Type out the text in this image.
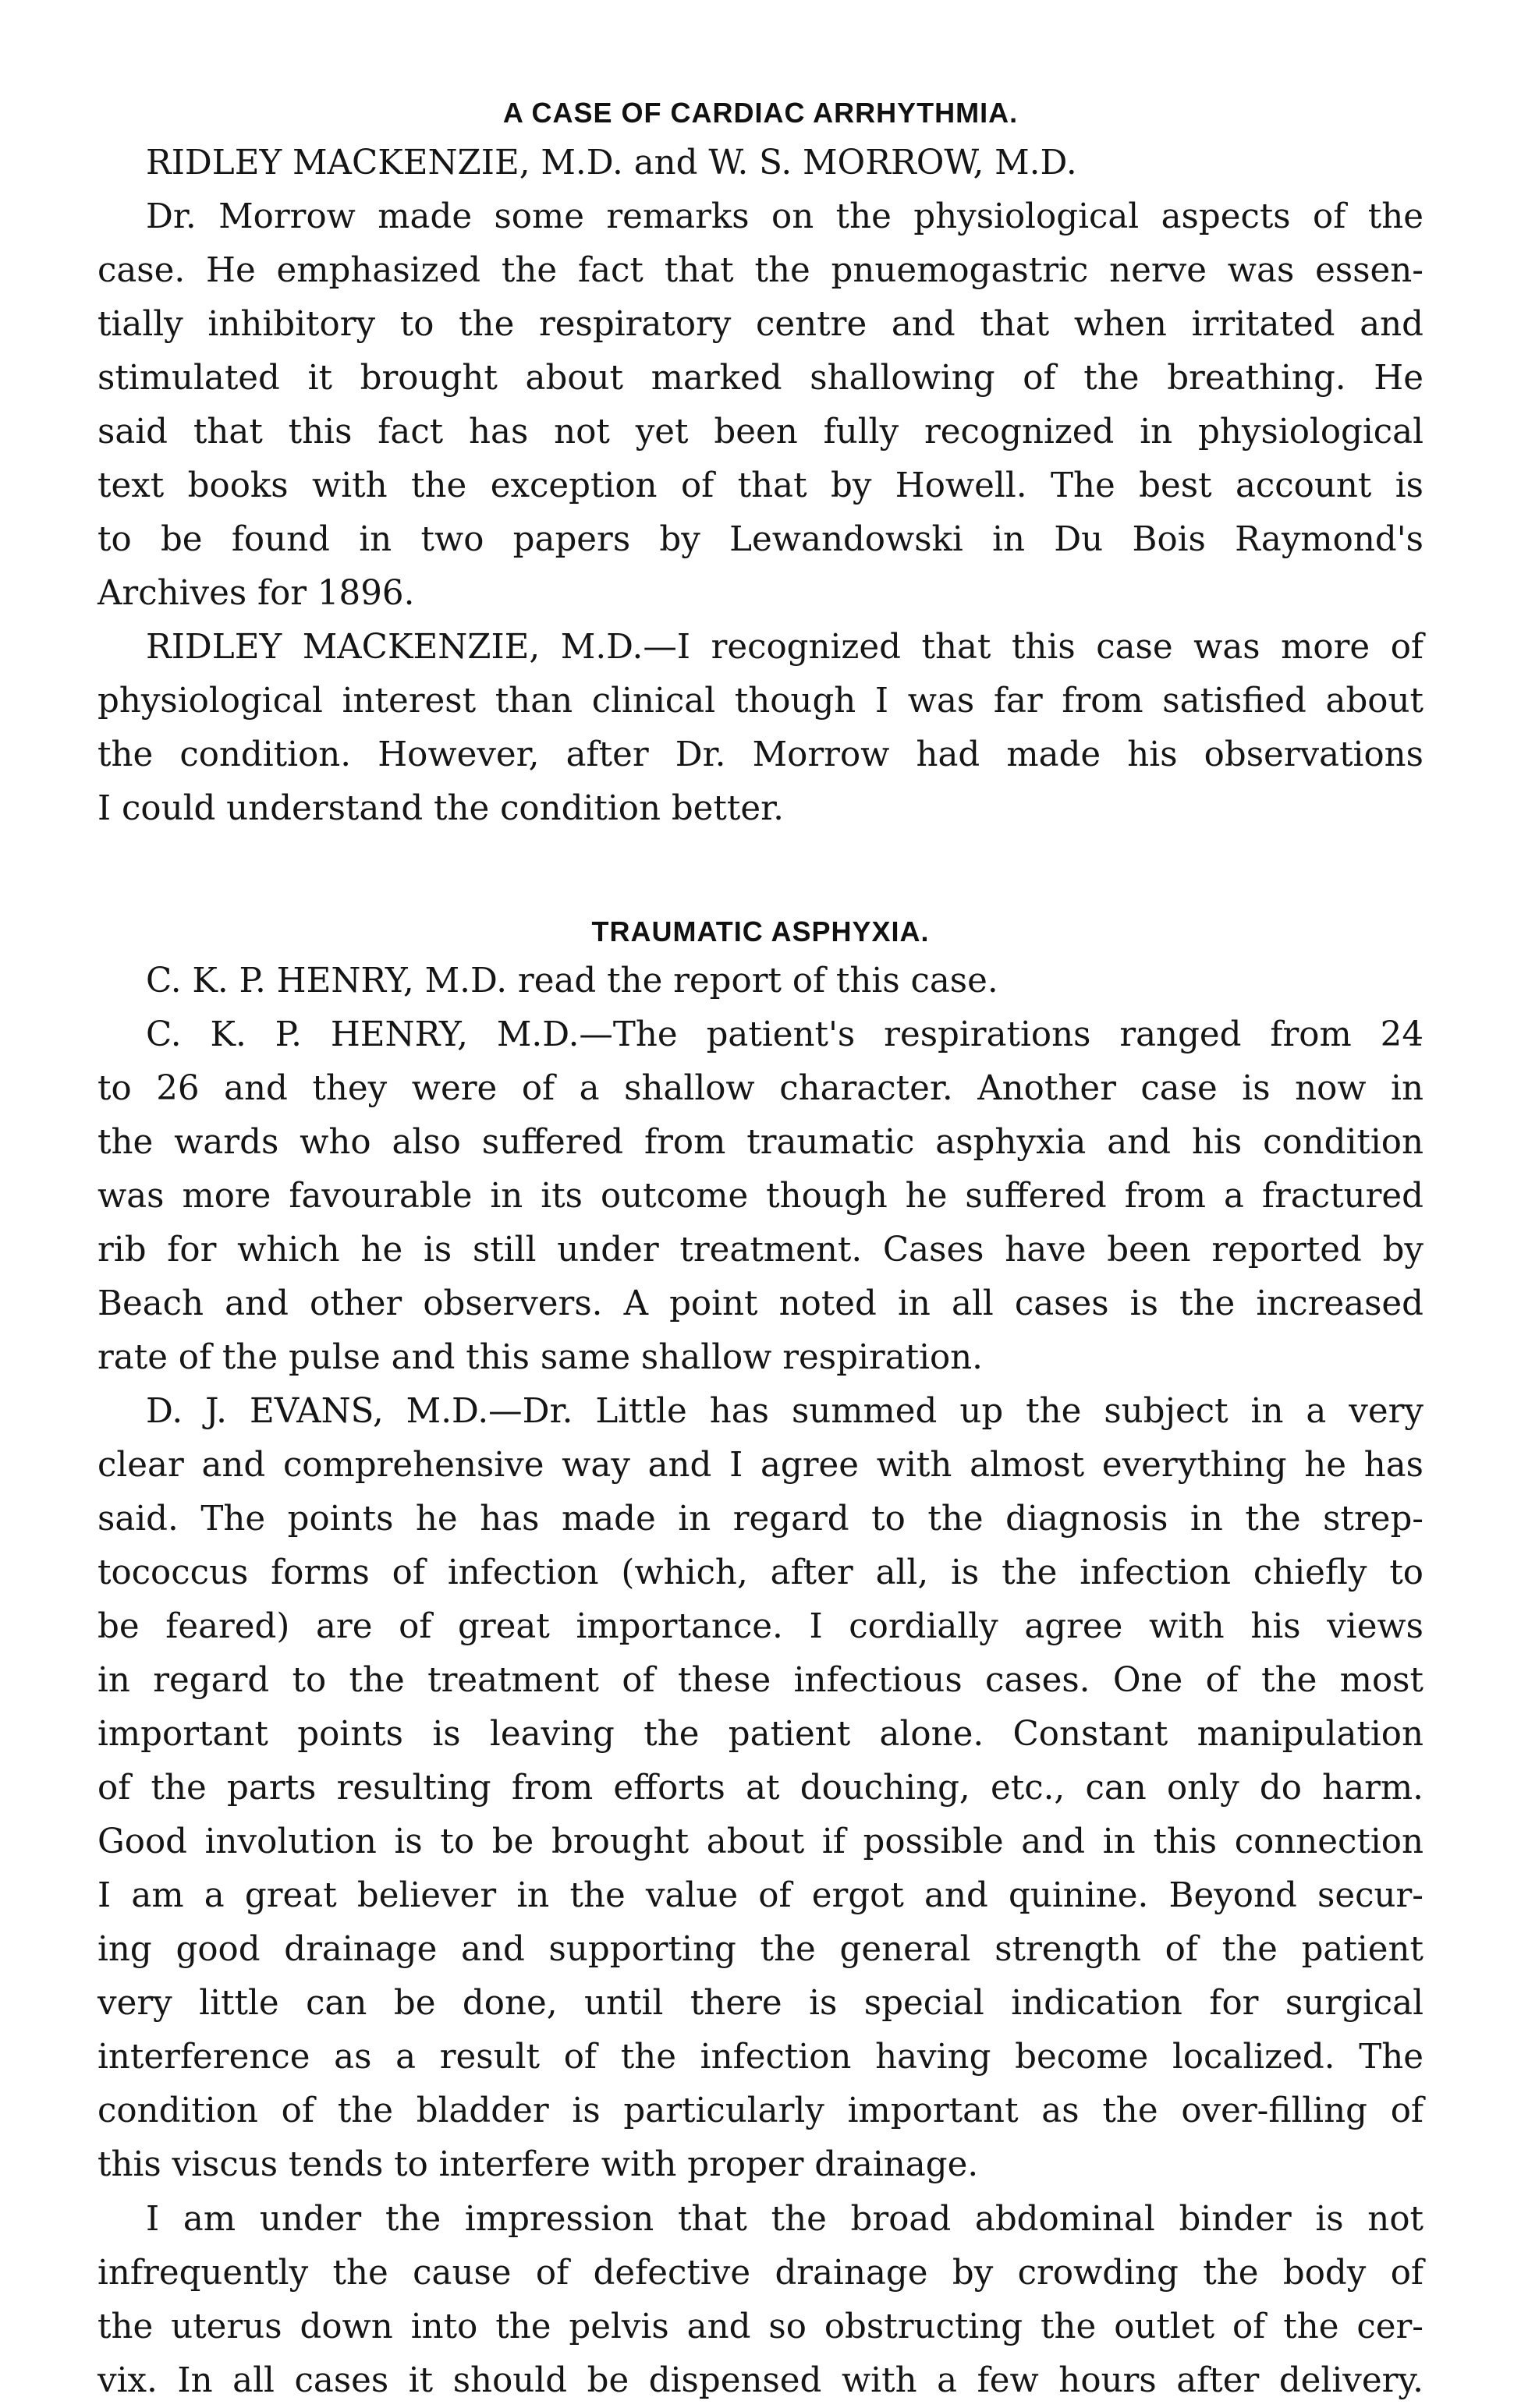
A CASE OF CARDIAC ARRHYTHMIA.
RIDLEY MACKENZIE, M.D. and W. S. MORROW, M.D.
Dr. Morrow made some remarks on the physiological aspects of the
case. He emphasized the fact that the pnuemogastric nerve was essen-
tially inhibitory to the respiratory centre and that when irritated and
stimulated it brought about marked shallowing of the breathing. He
said that this fact has not yet been fully recognized in physiological
text books with the exception of that by Howell. The best account is
to be found in two papers by Lewandowski in Du Bois Raymond's
Archives for 1896.
RIDLEY MACKENZIE, M.D.—I recognized that this case was more of
physiological interest than clinical though I was far from satisfied about
the condition. However, after Dr. Morrow had made his observations
I could understand the condition better.
TRAUMATIC ASPHYXIA.
C. K. P. HENRY, M.D. read the report of this case.
C. K. P. HENRY, M.D.—The patient's respirations ranged from 24
to 26 and they were of a shallow character. Another case is now in
the wards who also suffered from traumatic asphyxia and his condition
was more favourable in its outcome though he suffered from a fractured
rib for which he is still under treatment. Cases have been reported by
Beach and other observers. A point noted in all cases is the increased
rate of the pulse and this same shallow respiration.
D. J. EVANS, M.D.—Dr. Little has summed up the subject in a very
clear and comprehensive way and I agree with almost everything he has
said. The points he has made in regard to the diagnosis in the strep-
tococcus forms of infection (which, after all, is the infection chiefly to
be feared) are of great importance. I cordially agree with his views
in regard to the treatment of these infectious cases. One of the most
important points is leaving the patient alone. Constant manipulation
of the parts resulting from efforts at douching, etc., can only do harm.
Good involution is to be brought about if possible and in this connection
I am a great believer in the value of ergot and quinine. Beyond secur-
ing good drainage and supporting the general strength of the patient
very little can be done, until there is special indication for surgical
interference as a result of the infection having become localized. The
condition of the bladder is particularly important as the over-filling of
this viscus tends to interfere with proper drainage.
I am under the impression that the broad abdominal binder is not
infrequently the cause of defective drainage by crowding the body of
the uterus down into the pelvis and so obstructing the outlet of the cer-
vix. In all cases it should be dispensed with a few hours after delivery.
